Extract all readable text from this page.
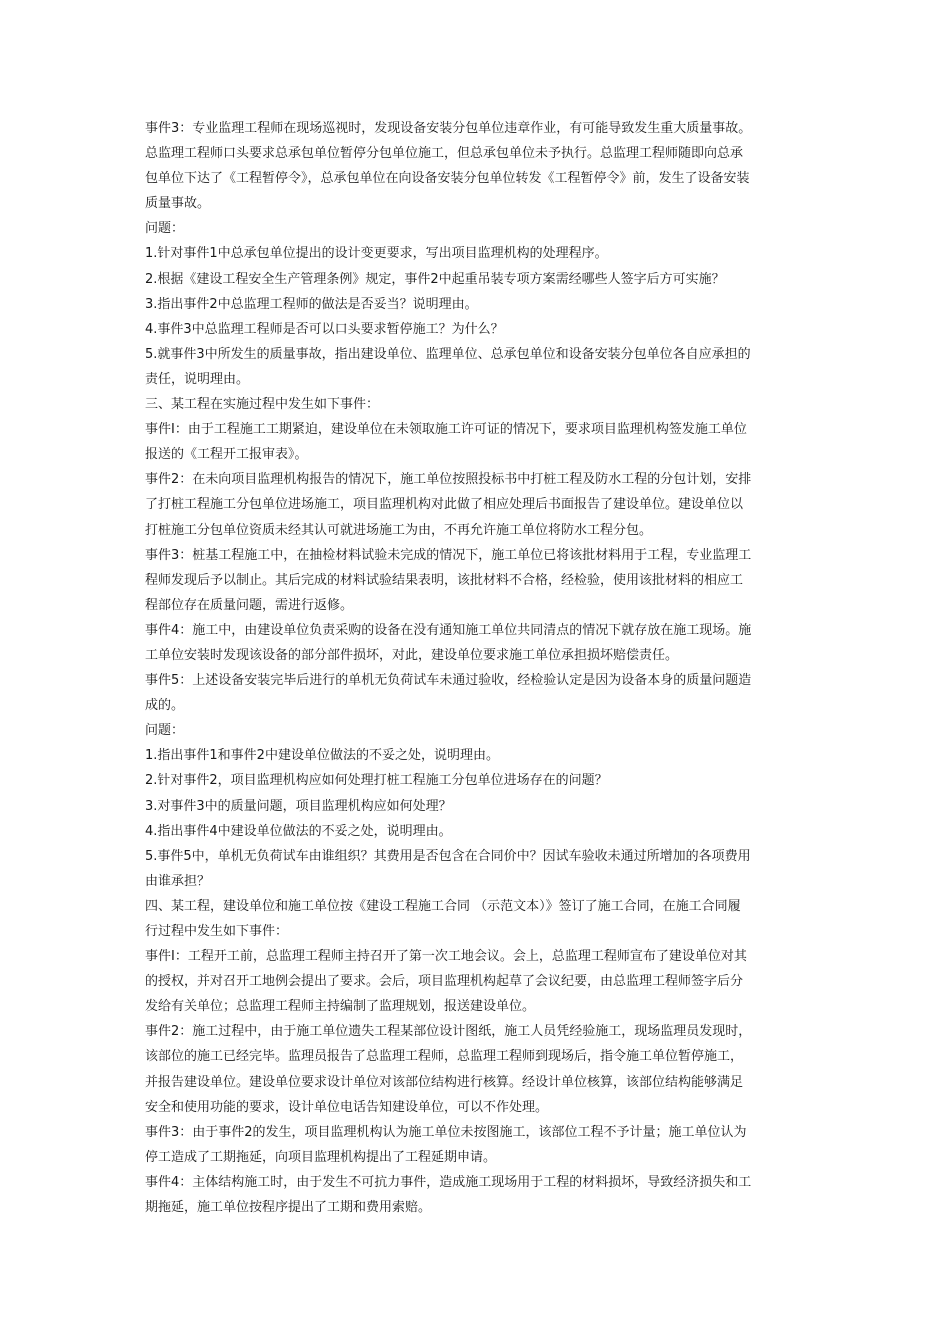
事件3：专业监理工程师在现场巡视时，发现设备安装分包单位违章作业，有可能导致发生重大质量事故。
总监理工程师口头要求总承包单位暂停分包单位施工，但总承包单位未予执行。总监理工程师随即向总承
包单位下达了《工程暂停令》，总承包单位在向设备安装分包单位转发《工程暂停令》前，发生了设备安装
质量事故。
问题：
1.针对事件1中总承包单位提出的设计变更要求，写出项目监理机构的处理程序。
2.根据《建设工程安全生产管理条例》规定，事件2中起重吊装专项方案需经哪些人签字后方可实施？
3.指出事件2中总监理工程师的做法是否妥当？说明理由。
4.事件3中总监理工程师是否可以口头要求暂停施工？为什么？
5.就事件3中所发生的质量事故，指出建设单位、监理单位、总承包单位和设备安装分包单位各自应承担的
责任，说明理由。
三、某工程在实施过程中发生如下事件：
事件Ⅰ：由于工程施工工期紧迫，建设单位在未领取施工许可证的情况下，要求项目监理机构签发施工单位
报送的《工程开工报审表》。
事件2：在未向项目监理机构报告的情况下，施工单位按照投标书中打桩工程及防水工程的分包计划，安排
了打桩工程施工分包单位进场施工，项目监理机构对此做了相应处理后书面报告了建设单位。建设单位以
打桩施工分包单位资质未经其认可就进场施工为由，不再允许施工单位将防水工程分包。
事件3：桩基工程施工中，在抽检材料试验未完成的情况下，施工单位已将该批材料用于工程，专业监理工
程师发现后予以制止。其后完成的材料试验结果表明，该批材料不合格，经检验，使用该批材料的相应工
程部位存在质量问题，需进行返修。
事件4：施工中，由建设单位负责采购的设备在没有通知施工单位共同清点的情况下就存放在施工现场。施
工单位安装时发现该设备的部分部件损坏，对此，建设单位要求施工单位承担损坏赔偿责任。
事件5：上述设备安装完毕后进行的单机无负荷试车未通过验收，经检验认定是因为设备本身的质量问题造
成的。
问题：
1.指出事件1和事件2中建设单位做法的不妥之处，说明理由。
2.针对事件2，项目监理机构应如何处理打桩工程施工分包单位进场存在的问题？
3.对事件3中的质量问题，项目监理机构应如何处理？
4.指出事件4中建设单位做法的不妥之处，说明理由。
5.事件5中，单机无负荷试车由谁组织？其费用是否包含在合同价中？因试车验收未通过所增加的各项费用
由谁承担？
四、某工程，建设单位和施工单位按《建设工程施工合同 （示范文本）》签订了施工合同，在施工合同履
行过程中发生如下事件：
事件Ⅰ：工程开工前，总监理工程师主持召开了第一次工地会议。会上，总监理工程师宣布了建设单位对其
的授权，并对召开工地例会提出了要求。会后，项目监理机构起草了会议纪要，由总监理工程师签字后分
发给有关单位；总监理工程师主持编制了监理规划，报送建设单位。
事件2：施工过程中，由于施工单位遗失工程某部位设计图纸，施工人员凭经验施工，现场监理员发现时，
该部位的施工已经完毕。监理员报告了总监理工程师，总监理工程师到现场后，指令施工单位暂停施工，
并报告建设单位。建设单位要求设计单位对该部位结构进行核算。经设计单位核算，该部位结构能够满足
安全和使用功能的要求，设计单位电话告知建设单位，可以不作处理。
事件3：由于事件2的发生，项目监理机构认为施工单位未按图施工，该部位工程不予计量；施工单位认为
停工造成了工期拖延，向项目监理机构提出了工程延期申请。
事件4：主体结构施工时，由于发生不可抗力事件，造成施工现场用于工程的材料损坏，导致经济损失和工
期拖延，施工单位按程序提出了工期和费用索赔。
